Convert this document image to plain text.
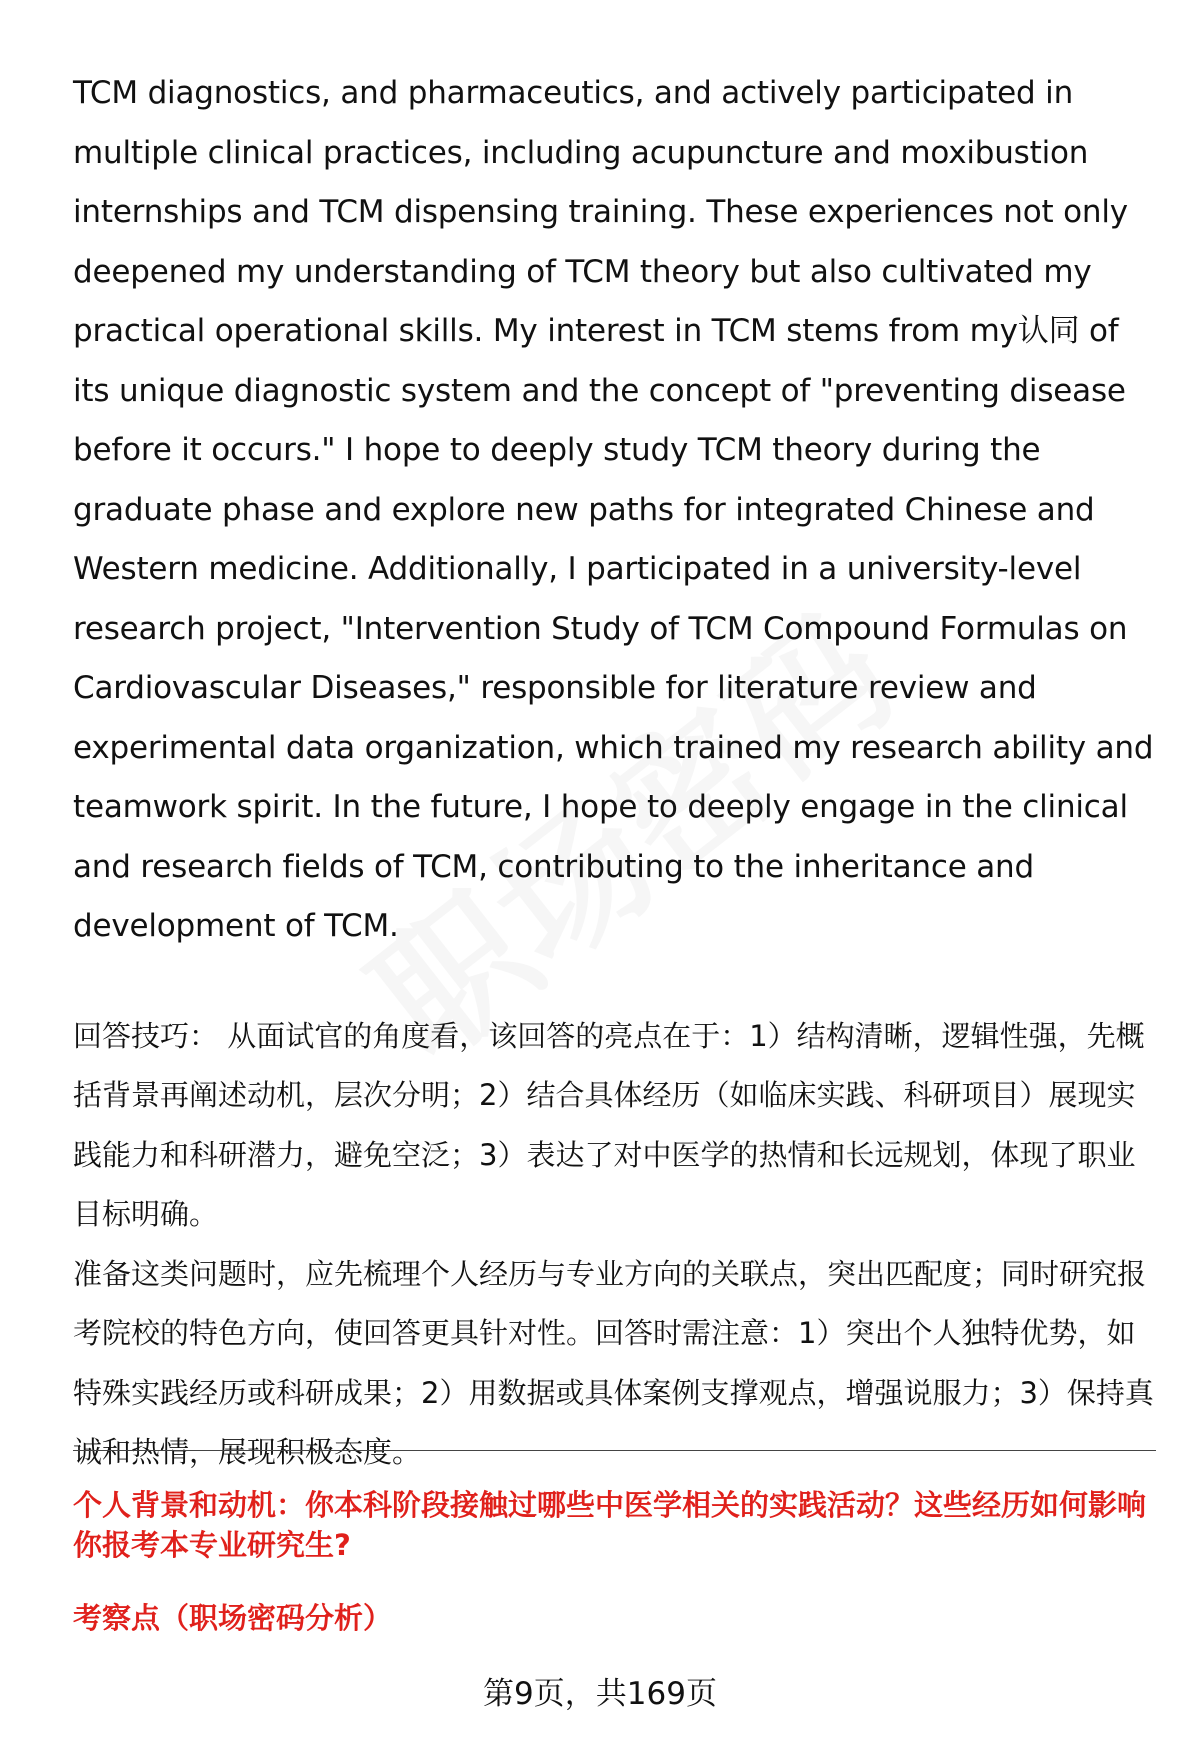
TCM diagnostics, and pharmaceutics, and actively participated in multiple clinical practices, including acupuncture and moxibustion internships and TCM dispensing training. These experiences not only deepened my understanding of TCM theory but also cultivated my practical operational skills. My interest in TCM stems from my认同 of its unique diagnostic system and the concept of "preventing disease before it occurs." I hope to deeply study TCM theory during the graduate phase and explore new paths for integrated Chinese and Western medicine. Additionally, I participated in a university-level research project, "Intervention Study of TCM Compound Formulas on Cardiovascular Diseases," responsible for literature review and experimental data organization, which trained my research ability and teamwork spirit. In the future, I hope to deeply engage in the clinical and research fields of TCM, contributing to the inheritance and development of TCM.

回答技巧： 从面试官的角度看，该回答的亮点在于：1）结构清晰，逻辑性强，先概括背景再阐述动机，层次分明；2）结合具体经历（如临床实践、科研项目）展现实践能力和科研潜力，避免空泛；3）表达了对中医学的热情和长远规划，体现了职业目标明确。

准备这类问题时，应先梳理个人经历与专业方向的关联点，突出匹配度；同时研究报考院校的特色方向，使回答更具针对性。回答时需注意：1）突出个人独特优势，如特殊实践经历或科研成果；2）用数据或具体案例支撑观点，增强说服力；3）保持真诚和热情，展现积极态度。

个人背景和动机：你本科阶段接触过哪些中医学相关的实践活动？这些经历如何影响你报考本专业研究生?

考察点（职场密码分析）

第9页，共169页
